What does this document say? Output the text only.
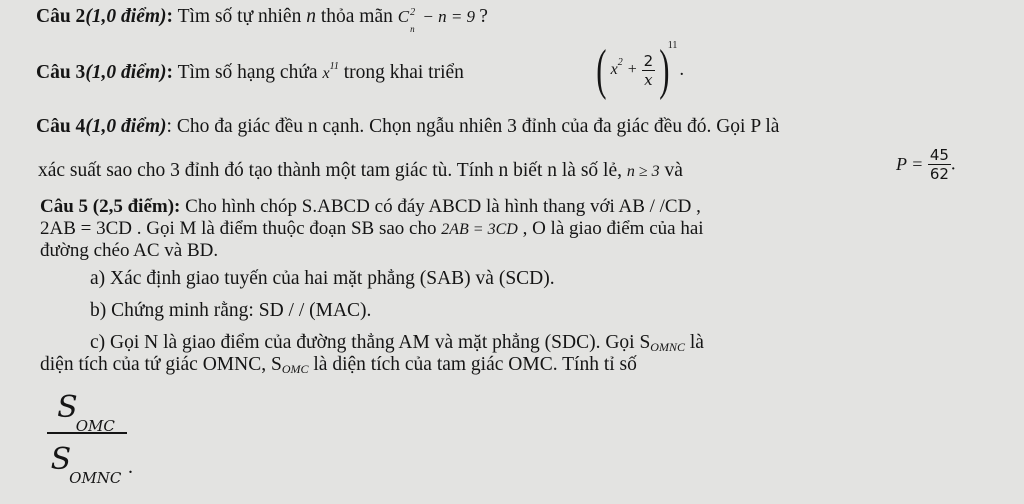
Câu 2(1,0 điểm): Tìm số tự nhiên n thỏa mãn C 2
n
− n = 9 ?
Câu 3(1,0 điểm): Tìm số hạng chứa $x^{11}$ trong khai triển ( $x^2 + \frac{2}{x} )^{11}$.
Câu 4(1,0 điểm): Cho đa giác đều n cạnh. Chọn ngẫu nhiên 3 đỉnh của đa giác đều đó. Gọi P là
xác suất sao cho 3 đỉnh đó tạo thành một tam giác tù. Tính n biết n là số lẻ, n ≥ 3 và	$P = \frac{45}{62}$ .
Câu 5 (2,5 điểm): Cho hình chóp S.ABCD có đáy ABCD là hình thang với AB / /CD ,
2AB = 3CD . Gọi M là điểm thuộc đoạn SB sao cho 2AB = 3CD , O là giao điểm của hai
đường chéo AC và BD.
a) Xác định giao tuyến của hai mặt phẳng (SAB) và (SCD).
b) Chứng minh rằng: SD / / (MAC).
c) Gọi N là giao điểm của đường thẳng AM và mặt phẳng (SDC). Gọi SOMNC là
diện tích của tứ giác OMNC, SOMC là diện tích của tam giác OMC. Tính tỉ số
$S_{OMC}$
$S_{OMNC}$ .
